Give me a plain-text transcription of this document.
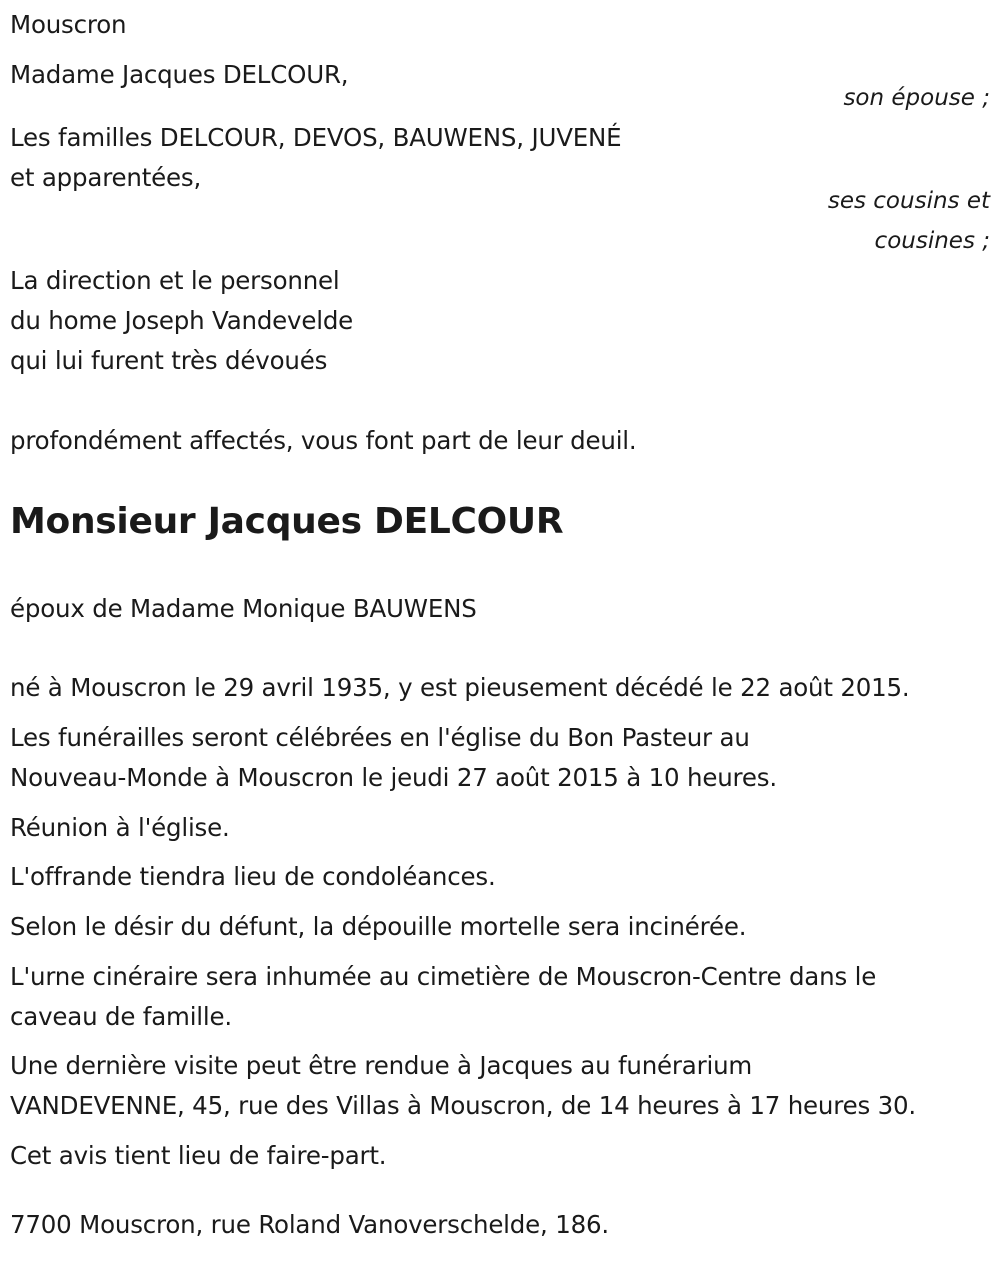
Mouscron
Madame Jacques DELCOUR,
son épouse ;
Les familles DELCOUR, DEVOS, BAUWENS, JUVENÉ
et apparentées,
ses cousins et
cousines ;
La direction et le personnel
du home Joseph Vandevelde
qui lui furent très dévoués
profondément affectés, vous font part de leur deuil.
Monsieur Jacques DELCOUR
époux de Madame Monique BAUWENS
né à Mouscron le 29 avril 1935, y est pieusement décédé le 22 août 2015.
Les funérailles seront célébrées en l'église du Bon Pasteur au
Nouveau-Monde à Mouscron le jeudi 27 août 2015 à 10 heures.
Réunion à l'église.
L'offrande tiendra lieu de condoléances.
Selon le désir du défunt, la dépouille mortelle sera incinérée.
L'urne cinéraire sera inhumée au cimetière de Mouscron-Centre dans le
caveau de famille.
Une dernière visite peut être rendue à Jacques au funérarium
VANDEVENNE, 45, rue des Villas à Mouscron, de 14 heures à 17 heures 30.
Cet avis tient lieu de faire-part.
7700 Mouscron, rue Roland Vanoverschelde, 186.
